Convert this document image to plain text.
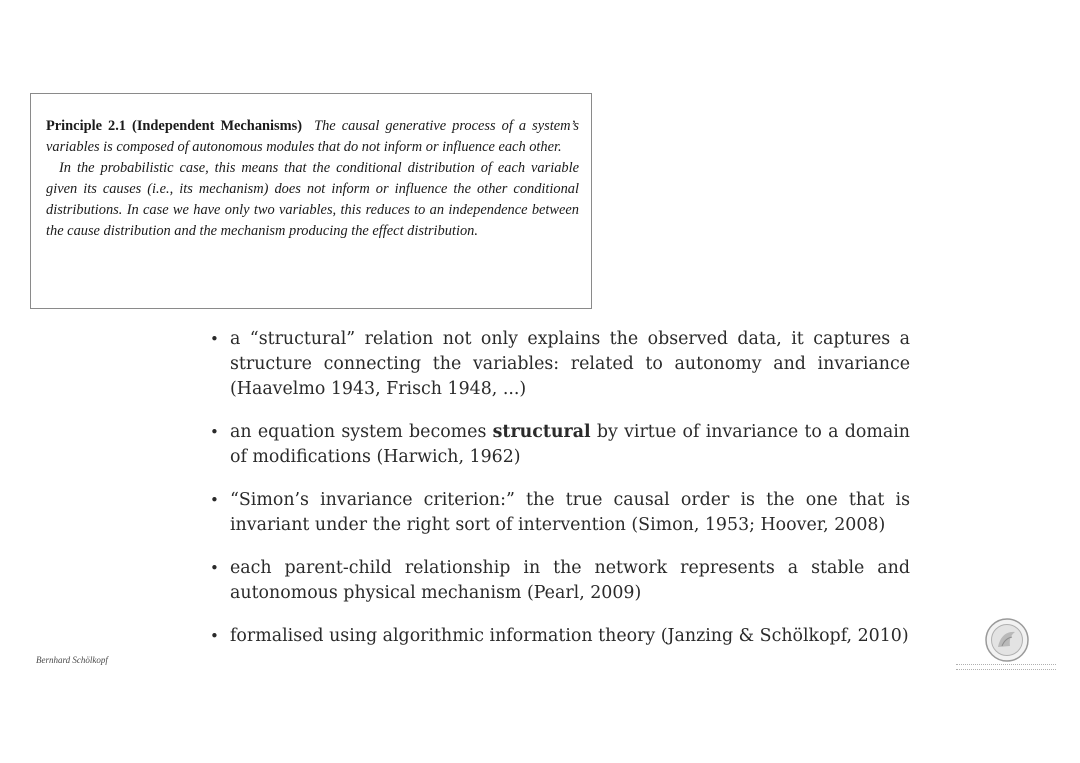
Principle 2.1 (Independent Mechanisms) The causal generative process of a system’s variables is composed of autonomous modules that do not inform or influence each other.

In the probabilistic case, this means that the conditional distribution of each variable given its causes (i.e., its mechanism) does not inform or influence the other conditional distributions. In case we have only two variables, this reduces to an independence between the cause distribution and the mechanism producing the effect distribution.

• a “structural” relation not only explains the observed data, it captures a structure connecting the variables: related to autonomy and invariance (Haavelmo 1943, Frisch 1948, ...)
• an equation system becomes structural by virtue of invariance to a domain of modifications (Harwich, 1962)
• “Simon’s invariance criterion:” the true causal order is the one that is invariant under the right sort of intervention (Simon, 1953; Hoover, 2008)
• each parent-child relationship in the network represents a stable and autonomous physical mechanism (Pearl, 2009)
• formalised using algorithmic information theory (Janzing & Schölkopf, 2010)
Bernhard Schölkopf
